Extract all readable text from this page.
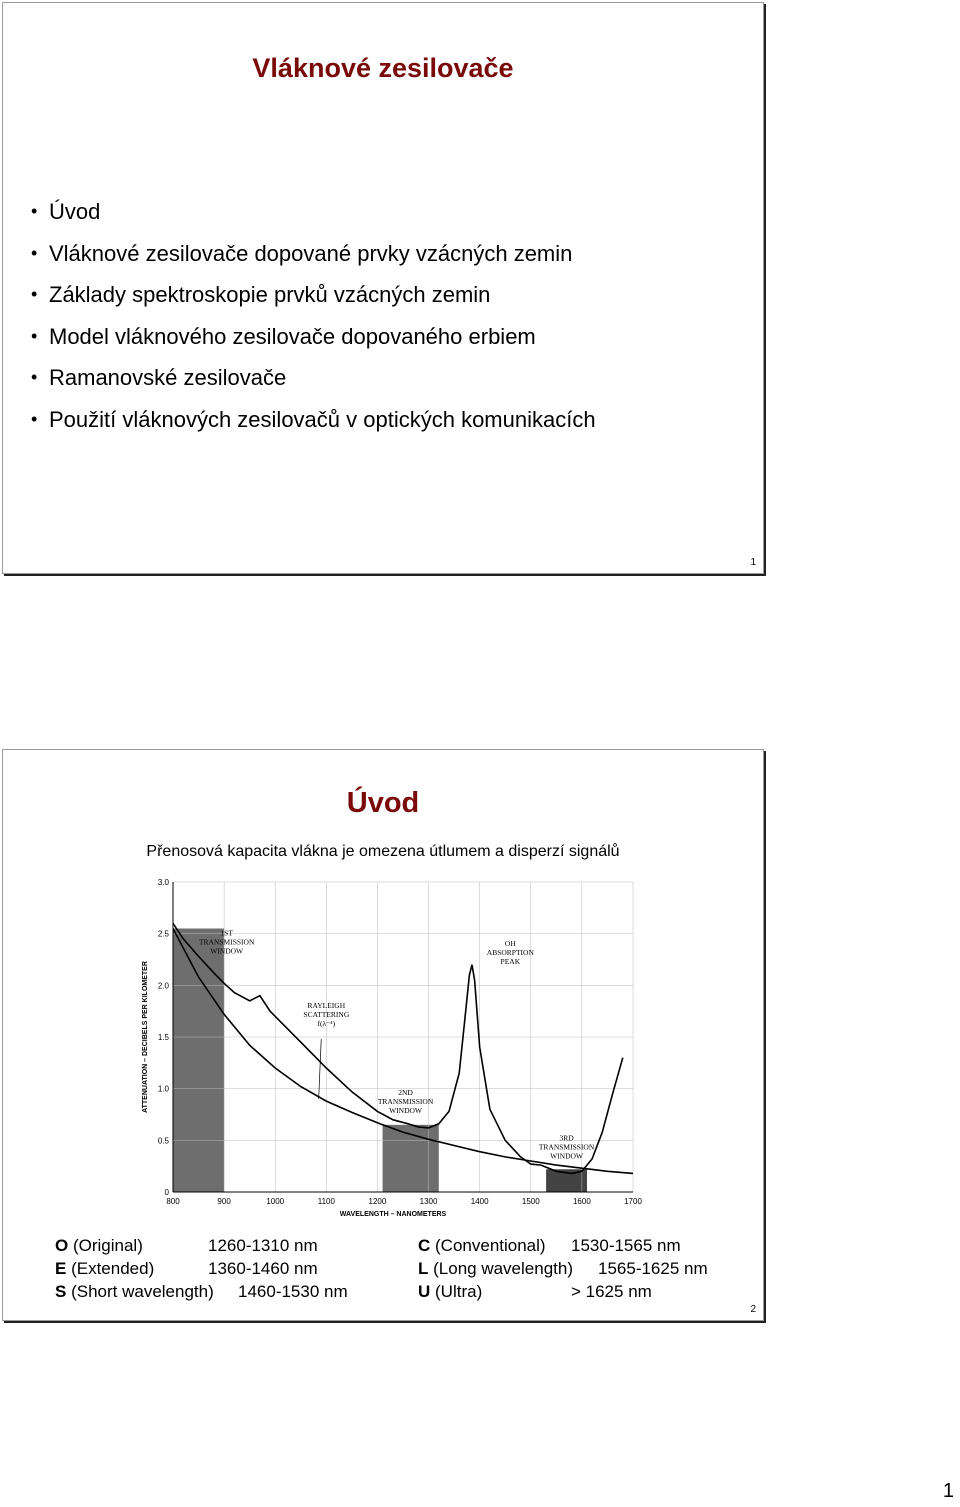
Vláknové zesilovače
• Úvod
• Vláknové zesilovače dopované prvky vzácných zemin
• Základy spektroskopie prvků vzácných zemin
• Model vláknového zesilovače dopovaného erbiem
• Ramanovské zesilovače
• Použití vláknových zesilovačů v optických komunikacích
1
Úvod
Přenosová kapacita vlákna je omezena útlumem a disperzí signálů
800	900	1000	1100	1200	1300	1400	1500	1600	1700
0
0.5
1.0
1.5
2.0
2.5
3.0
WAVELENGTH – NANOMETERS
ATTENUATION – DECIBELS PER KILOMETER
1ST
TRANSMISSION
WINDOW
2ND
TRANSMISSION
WINDOW
3RD
TRANSMISSION
WINDOW
OH
ABSORPTION
PEAK
RAYLEIGH
SCATTERING
f(λ⁻⁴)
O (Original)	1260-1310 nm	C (Conventional) 1530-1565 nm
E (Extended)	1360-1460 nm	L (Long wavelength) 1565-1625 nm
S (Short wavelength) 1460-1530 nm	U (Ultra)	> 1625 nm
2
1
